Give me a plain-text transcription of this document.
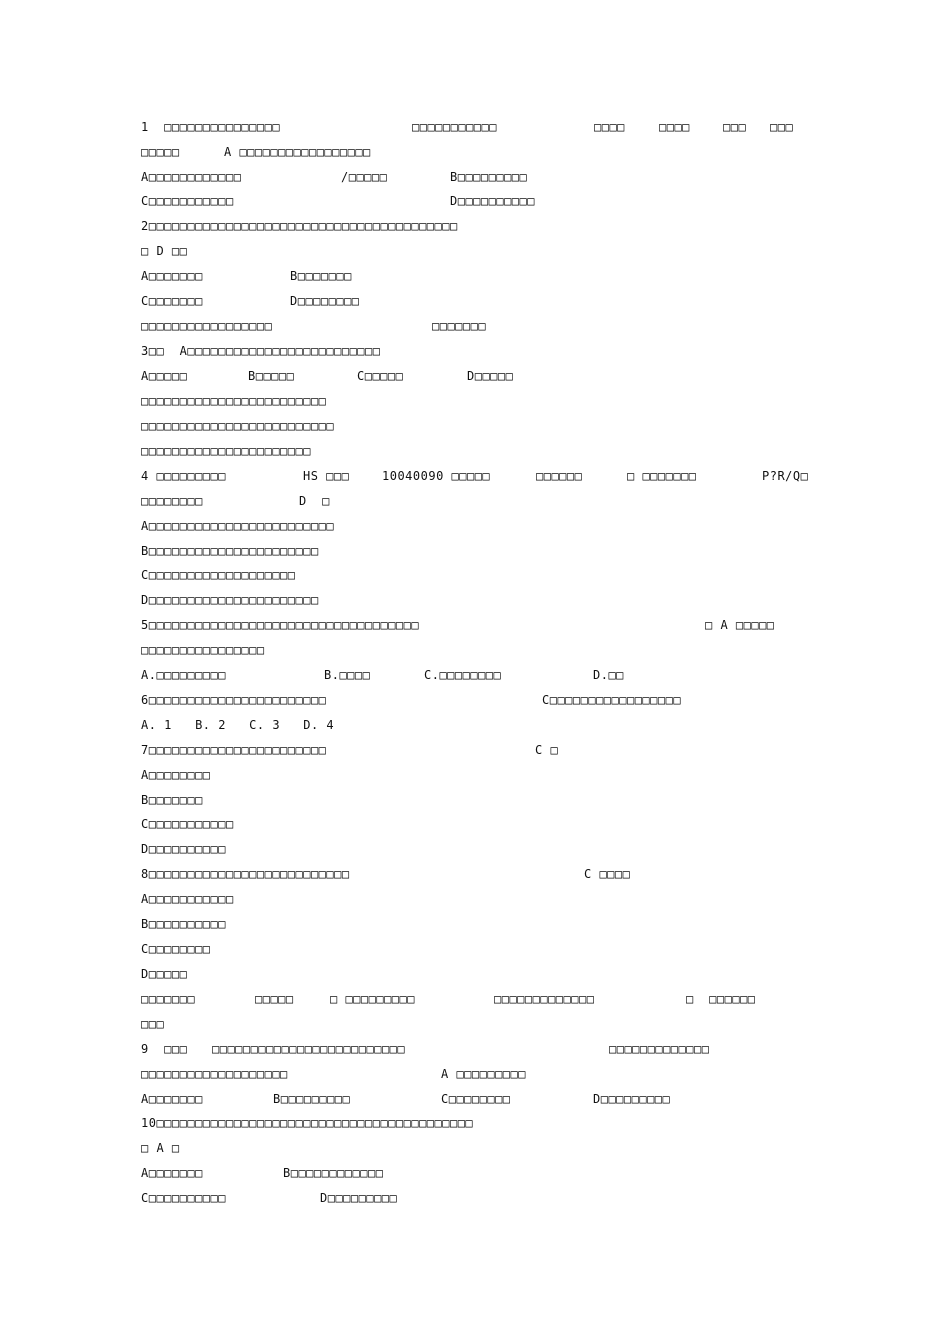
1  □□□□□□□□□□□□□□□	□□□□□□□□□□□	□□□□	□□□□	□□□ □□□
□□□□□	A □□□□□□□□□□□□□□□□□
A□□□□□□□□□□□□	/□□□□□	B□□□□□□□□□
C□□□□□□□□□□□	D□□□□□□□□□□
2□□□□□□□□□□□□□□□□□□□□□□□□□□□□□□□□□□□□□□□□
□ D □□
A□□□□□□□	B□□□□□□□
C□□□□□□□	D□□□□□□□□
□□□□□□□□□□□□□□□□□	□□□□□□□
3□□  A□□□□□□□□□□□□□□□□□□□□□□□□□
A□□□□□	B□□□□□	C□□□□□	D□□□□□
□□□□□□□□□□□□□□□□□□□□□□□□
□□□□□□□□□□□□□□□□□□□□□□□□□
□□□□□□□□□□□□□□□□□□□□□□
4 □□□□□□□□□	HS □□□	10040090 □□□□□	□□□□□□	□ □□□□□□□	P?R/Q□
□□□□□□□□	D  □
A□□□□□□□□□□□□□□□□□□□□□□□□
B□□□□□□□□□□□□□□□□□□□□□□
C□□□□□□□□□□□□□□□□□□□
D□□□□□□□□□□□□□□□□□□□□□□
5□□□□□□□□□□□□□□□□□□□□□□□□□□□□□□□□□□□	□ A □□□□□
□□□□□□□□□□□□□□□□
A.□□□□□□□□□	B.□□□□	C.□□□□□□□□	D.□□
6□□□□□□□□□□□□□□□□□□□□□□□	C□□□□□□□□□□□□□□□□□
A. 1   B. 2   C. 3   D. 4
7□□□□□□□□□□□□□□□□□□□□□□□	C □
A□□□□□□□□
B□□□□□□□
C□□□□□□□□□□□
D□□□□□□□□□□
8□□□□□□□□□□□□□□□□□□□□□□□□□□	C □□□□
A□□□□□□□□□□□
B□□□□□□□□□□
C□□□□□□□□
D□□□□□
□□□□□□□	□□□□□	□ □□□□□□□□□	□□□□□□□□□□□□□	□  □□□□□□
□□□
9  □□□ □□□□□□□□□□□□□□□□□□□□□□□□□	□□□□□□□□□□□□□
□□□□□□□□□□□□□□□□□□□	A □□□□□□□□□
A□□□□□□□	B□□□□□□□□□	C□□□□□□□□	D□□□□□□□□□
10□□□□□□□□□□□□□□□□□□□□□□□□□□□□□□□□□□□□□□□□□
□ A □
A□□□□□□□	B□□□□□□□□□□□□
C□□□□□□□□□□	D□□□□□□□□□
